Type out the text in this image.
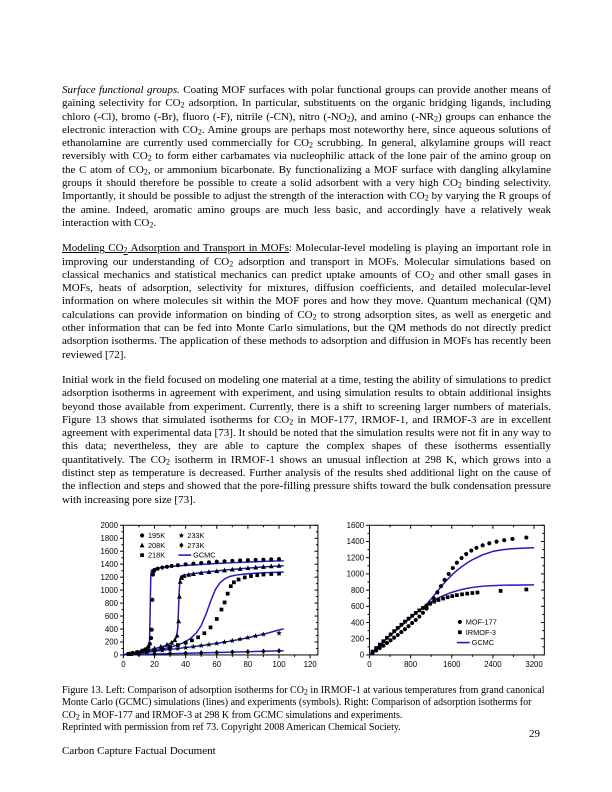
Surface functional groups. Coating MOF surfaces with polar functional groups can provide another means of gaining selectivity for CO2 adsorption. In particular, substituents on the organic bridging ligands, including chloro (-Cl), bromo (-Br), fluoro (-F), nitrile (-CN), nitro (-NO2), and amino (-NR2) groups can enhance the electronic interaction with CO2. Amine groups are perhaps most noteworthy here, since aqueous solutions of ethanolamine are currently used commercially for CO2 scrubbing. In general, alkylamine groups will react reversibly with CO2 to form either carbamates via nucleophilic attack of the lone pair of the amino group on the C atom of CO2, or ammonium bicarbonate. By functionalizing a MOF surface with dangling alkylamine groups it should therefore be possible to create a solid adsorbent with a very high CO2 binding selectivity. Importantly, it should be possible to adjust the strength of the interaction with CO2 by varying the R groups of the amine. Indeed, aromatic amino groups are much less basic, and accordingly have a relatively weak interaction with CO2.

Modeling CO2 Adsorption and Transport in MOFs: Molecular-level modeling is playing an important role in improving our understanding of CO2 adsorption and transport in MOFs. Molecular simulations based on classical mechanics and statistical mechanics can predict uptake amounts of CO2 and other small gases in MOFs, heats of adsorption, selectivity for mixtures, diffusion coefficients, and detailed molecular-level information on where molecules sit within the MOF pores and how they move. Quantum mechanical (QM) calculations can provide information on binding of CO2 to strong adsorption sites, as well as energetic and other information that can be fed into Monte Carlo simulations, but the QM methods do not directly predict adsorption isotherms. The application of these methods to adsorption and diffusion in MOFs has recently been reviewed [72].

Initial work in the field focused on modeling one material at a time, testing the ability of simulations to predict adsorption isotherms in agreement with experiment, and using simulation results to obtain additional insights beyond those available from experiment. Currently, there is a shift to screening larger numbers of materials. Figure 13 shows that simulated isotherms for CO2 in MOF-177, IRMOF-1, and IRMOF-3 are in excellent agreement with experimental data [73]. It should be noted that the simulation results were not fit in any way to this data; nevertheless, they are able to capture the complex shapes of these isotherms essentially quantitatively. The CO2 isotherm in IRMOF-1 shows an unusual inflection at 298 K, which grows into a distinct step as temperature is decreased. Further analysis of the results shed additional light on the cause of the inflection and steps and showed that the pore-filling pressure shifts toward the bulk condensation pressure with increasing pore size [73].

0	20	40	60	80	100 120
0
200
400
600
800
1000
1200
1400
1600
1800
2000
195K	233K
208K	273K
218K	GCMC
0	800	1600	2400	3200
0
200
400
600
800
1000
1200
1400
1600
MOF-177
IRMOF-3
GCMC
Figure 13. Left: Comparison of adsorption isotherms for CO2 in IRMOF-1 at various temperatures from grand canonical Monte Carlo (GCMC) simulations (lines) and experiments (symbols). Right: Comparison of adsorption isotherms for CO2 in MOF-177 and IRMOF-3 at 298 K from GCMC simulations and experiments.
Reprinted with permission from ref 73. Copyright 2008 American Chemical Society.
29
Carbon Capture Factual Document
